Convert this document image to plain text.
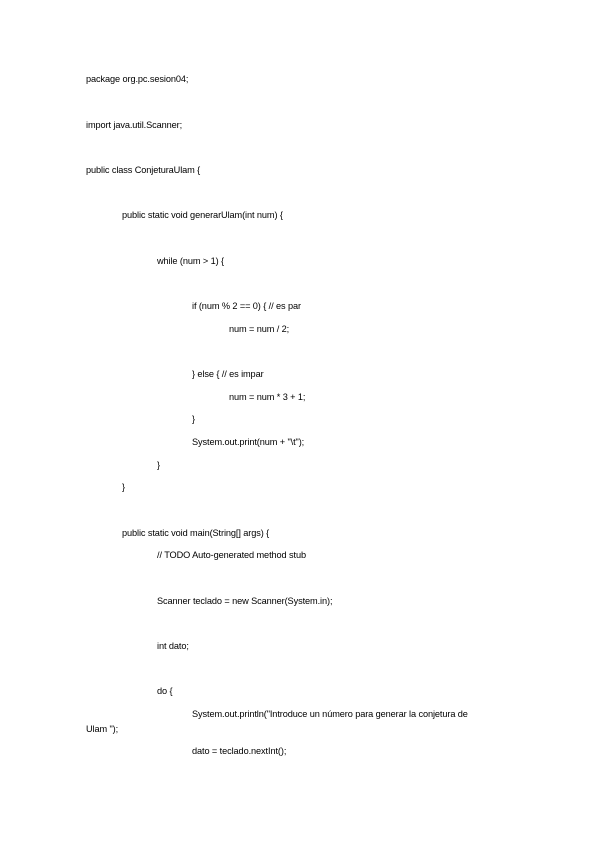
package org.pc.sesion04;
import java.util.Scanner;
public class ConjeturaUlam {
public static void generarUlam(int num) {
while (num > 1) {
if (num % 2 == 0) { // es par
num = num / 2;
} else { // es impar
num = num * 3 + 1;
}
System.out.print(num + "\t");
}
}
public static void main(String[] args) {
// TODO Auto-generated method stub
Scanner teclado = new Scanner(System.in);
int dato;
do {
System.out.println("Introduce un número para generar la conjetura de
Ulam ");
dato = teclado.nextInt();
